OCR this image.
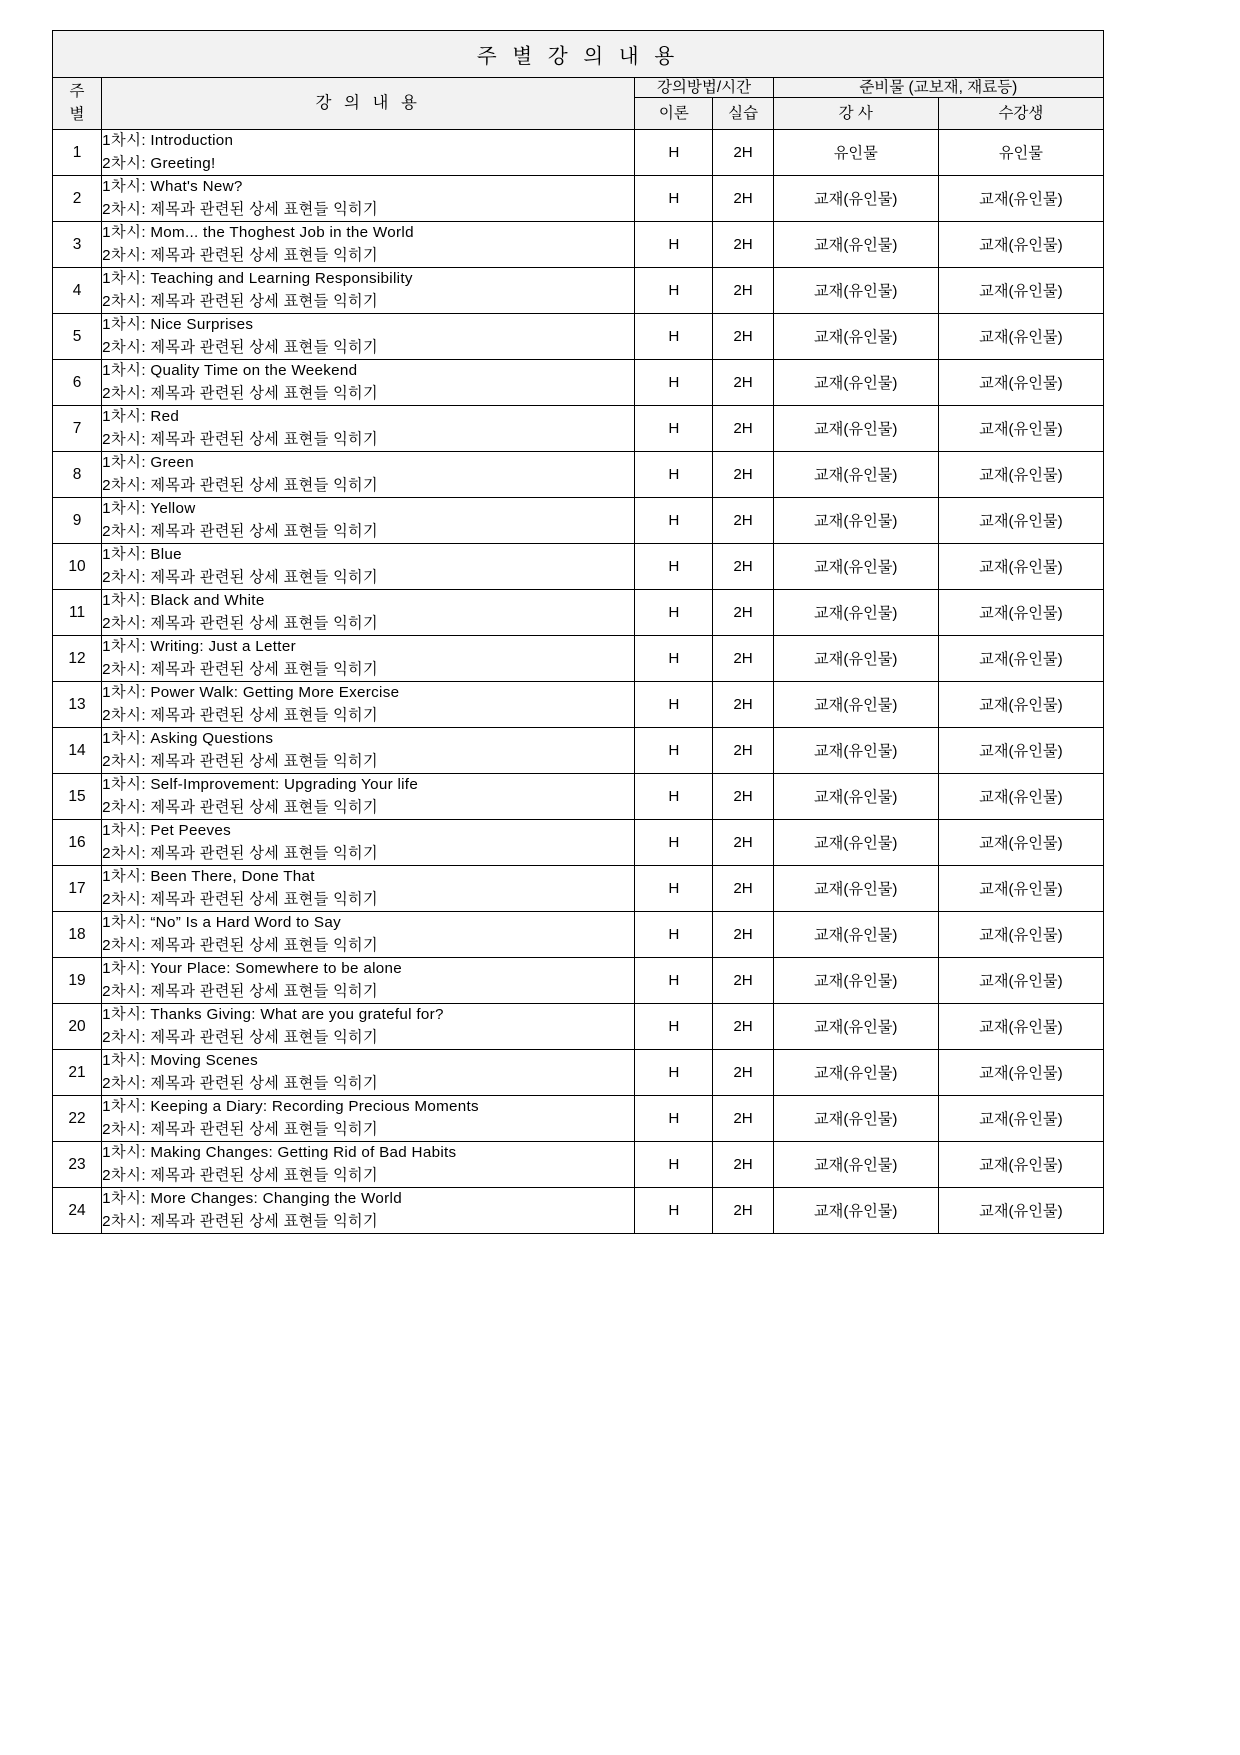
주 별 강 의 내 용					

주
별	강 의 내 용	강의방법/시간		준비물 (교보재, 재료등)	
		이론	실습	강 사	수강생
1	1차시: Introduction
2차시: Greeting!	H	2H	유인물	유인물
2	1차시: What's New?
2차시: 제목과 관련된 상세 표현들 익히기	H	2H	교재(유인물)	교재(유인물)
3	1차시: Mom... the Thoghest Job in the World
2차시: 제목과 관련된 상세 표현들 익히기	H	2H	교재(유인물)	교재(유인물)
4	1차시: Teaching and Learning Responsibility
2차시: 제목과 관련된 상세 표현들 익히기	H	2H	교재(유인물)	교재(유인물)
5	1차시: Nice Surprises
2차시: 제목과 관련된 상세 표현들 익히기	H	2H	교재(유인물)	교재(유인물)
6	1차시: Quality Time on the Weekend
2차시: 제목과 관련된 상세 표현들 익히기	H	2H	교재(유인물)	교재(유인물)
7	1차시: Red
2차시: 제목과 관련된 상세 표현들 익히기	H	2H	교재(유인물)	교재(유인물)
8	1차시: Green
2차시: 제목과 관련된 상세 표현들 익히기	H	2H	교재(유인물)	교재(유인물)
9	1차시: Yellow
2차시: 제목과 관련된 상세 표현들 익히기	H	2H	교재(유인물)	교재(유인물)
10	1차시: Blue
2차시: 제목과 관련된 상세 표현들 익히기	H	2H	교재(유인물)	교재(유인물)
11	1차시: Black and White
2차시: 제목과 관련된 상세 표현들 익히기	H	2H	교재(유인물)	교재(유인물)
12	1차시: Writing: Just a Letter
2차시: 제목과 관련된 상세 표현들 익히기	H	2H	교재(유인물)	교재(유인물)
13	1차시: Power Walk: Getting More Exercise
2차시: 제목과 관련된 상세 표현들 익히기	H	2H	교재(유인물)	교재(유인물)
14	1차시: Asking Questions
2차시: 제목과 관련된 상세 표현들 익히기	H	2H	교재(유인물)	교재(유인물)
15	1차시: Self-Improvement: Upgrading Your life
2차시: 제목과 관련된 상세 표현들 익히기	H	2H	교재(유인물)	교재(유인물)
16	1차시: Pet Peeves
2차시: 제목과 관련된 상세 표현들 익히기	H	2H	교재(유인물)	교재(유인물)
17	1차시: Been There, Done That
2차시: 제목과 관련된 상세 표현들 익히기	H	2H	교재(유인물)	교재(유인물)
18	1차시: “No” Is a Hard Word to Say
2차시: 제목과 관련된 상세 표현들 익히기	H	2H	교재(유인물)	교재(유인물)
19	1차시: Your Place: Somewhere to be alone
2차시: 제목과 관련된 상세 표현들 익히기	H	2H	교재(유인물)	교재(유인물)
20	1차시: Thanks Giving: What are you grateful for?
2차시: 제목과 관련된 상세 표현들 익히기	H	2H	교재(유인물)	교재(유인물)
21	1차시: Moving Scenes
2차시: 제목과 관련된 상세 표현들 익히기	H	2H	교재(유인물)	교재(유인물)
22	1차시: Keeping a Diary: Recording Precious Moments
2차시: 제목과 관련된 상세 표현들 익히기	H	2H	교재(유인물)	교재(유인물)
23	1차시: Making Changes: Getting Rid of Bad Habits
2차시: 제목과 관련된 상세 표현들 익히기	H	2H	교재(유인물)	교재(유인물)
24	1차시: More Changes: Changing the World
2차시: 제목과 관련된 상세 표현들 익히기	H	2H	교재(유인물)	교재(유인물)
